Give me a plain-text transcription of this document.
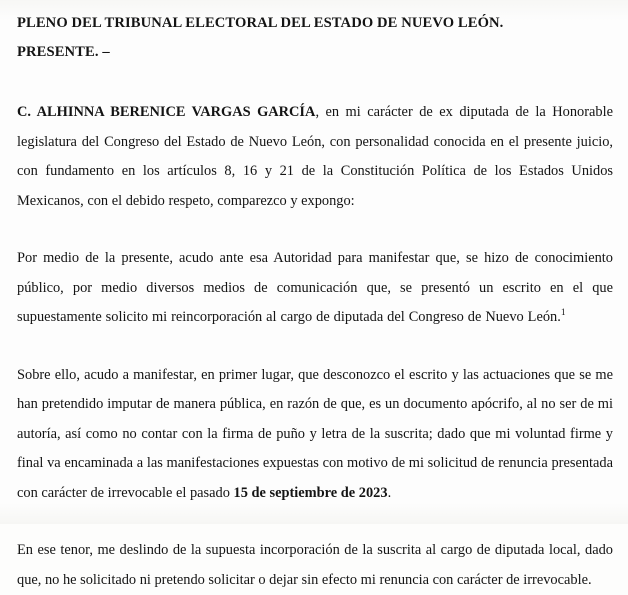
PLENO DEL TRIBUNAL ELECTORAL DEL ESTADO DE NUEVO LEÓN.
PRESENTE. –

C. ALHINNA BERENICE VARGAS GARCÍA, en mi carácter de ex diputada de la Honorable legislatura del Congreso del Estado de Nuevo León, con personalidad conocida en el presente juicio, con fundamento en los artículos 8, 16 y 21 de la Constitución Política de los Estados Unidos Mexicanos, con el debido respeto, comparezco y expongo:

Por medio de la presente, acudo ante esa Autoridad para manifestar que, se hizo de conocimiento público, por medio diversos medios de comunicación que, se presentó un escrito en el que supuestamente solicito mi reincorporación al cargo de diputada del Congreso de Nuevo León.$^1$

Sobre ello, acudo a manifestar, en primer lugar, que desconozco el escrito y las actuaciones que se me han pretendido imputar de manera pública, en razón de que, es un documento apócrifo, al no ser de mi autoría, así como no contar con la firma de puño y letra de la suscrita; dado que mi voluntad firme y final va encaminada a las manifestaciones expuestas con motivo de mi solicitud de renuncia presentada con carácter de irrevocable el pasado 15 de septiembre de 2023.

En ese tenor, me deslindo de la supuesta incorporación de la suscrita al cargo de diputada local, dado que, no he solicitado ni pretendo solicitar o dejar sin efecto mi renuncia con carácter de irrevocable.
